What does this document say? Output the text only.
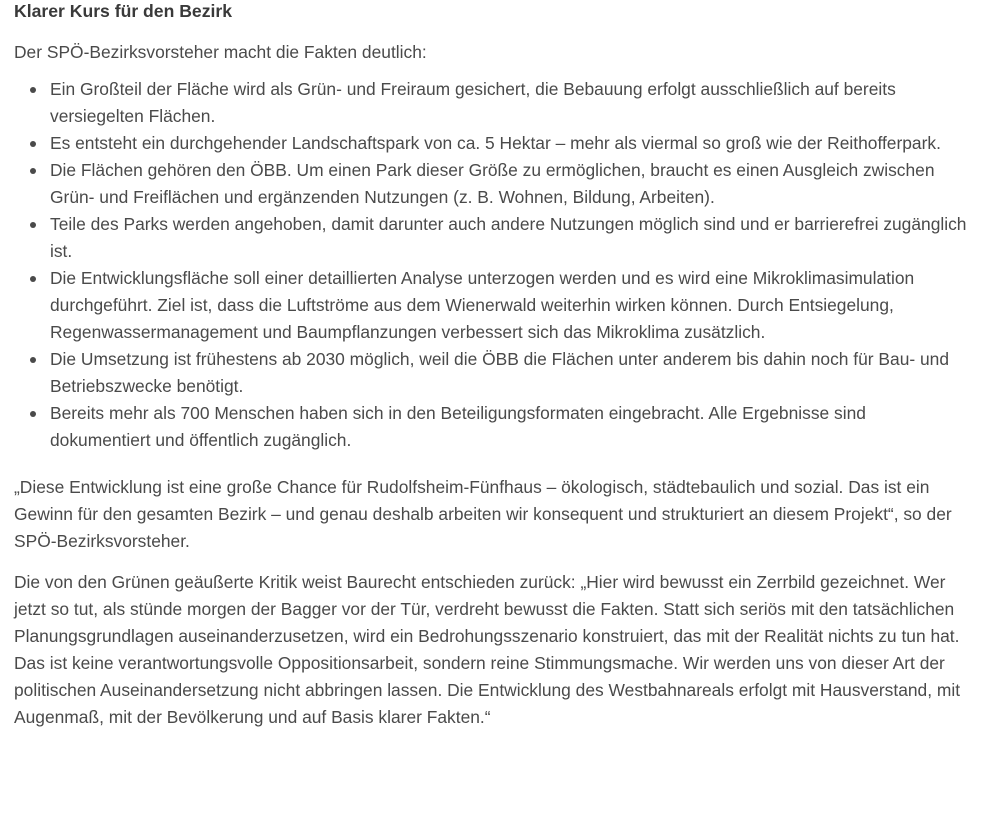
Klarer Kurs für den Bezirk

Der SPÖ-Bezirksvorsteher macht die Fakten deutlich:

Ein Großteil der Fläche wird als Grün- und Freiraum gesichert, die Bebauung erfolgt ausschließlich auf bereits versiegelten Flächen.
Es entsteht ein durchgehender Landschaftspark von ca. 5 Hektar – mehr als viermal so groß wie der Reithofferpark.
Die Flächen gehören den ÖBB. Um einen Park dieser Größe zu ermöglichen, braucht es einen Ausgleich zwischen Grün- und Freiflächen und ergänzenden Nutzungen (z. B. Wohnen, Bildung, Arbeiten).
Teile des Parks werden angehoben, damit darunter auch andere Nutzungen möglich sind und er barrierefrei zugänglich ist.
Die Entwicklungsfläche soll einer detaillierten Analyse unterzogen werden und es wird eine Mikroklimasimulation durchgeführt. Ziel ist, dass die Luftströme aus dem Wienerwald weiterhin wirken können. Durch Entsiegelung, Regenwassermanagement und Baumpflanzungen verbessert sich das Mikroklima zusätzlich.
Die Umsetzung ist frühestens ab 2030 möglich, weil die ÖBB die Flächen unter anderem bis dahin noch für Bau- und Betriebszwecke benötigt.
Bereits mehr als 700 Menschen haben sich in den Beteiligungsformaten eingebracht. Alle Ergebnisse sind dokumentiert und öffentlich zugänglich.

„Diese Entwicklung ist eine große Chance für Rudolfsheim-Fünfhaus – ökologisch, städtebaulich und sozial. Das ist ein Gewinn für den gesamten Bezirk – und genau deshalb arbeiten wir konsequent und strukturiert an diesem Projekt“, so der SPÖ-Bezirksvorsteher.

Die von den Grünen geäußerte Kritik weist Baurecht entschieden zurück: „Hier wird bewusst ein Zerrbild gezeichnet. Wer jetzt so tut, als stünde morgen der Bagger vor der Tür, verdreht bewusst die Fakten. Statt sich seriös mit den tatsächlichen Planungsgrundlagen auseinanderzusetzen, wird ein Bedrohungsszenario konstruiert, das mit der Realität nichts zu tun hat. Das ist keine verantwortungsvolle Oppositionsarbeit, sondern reine Stimmungsmache. Wir werden uns von dieser Art der politischen Auseinandersetzung nicht abbringen lassen. Die Entwicklung des Westbahnareals erfolgt mit Hausverstand, mit Augenmaß, mit der Bevölkerung und auf Basis klarer Fakten.“
